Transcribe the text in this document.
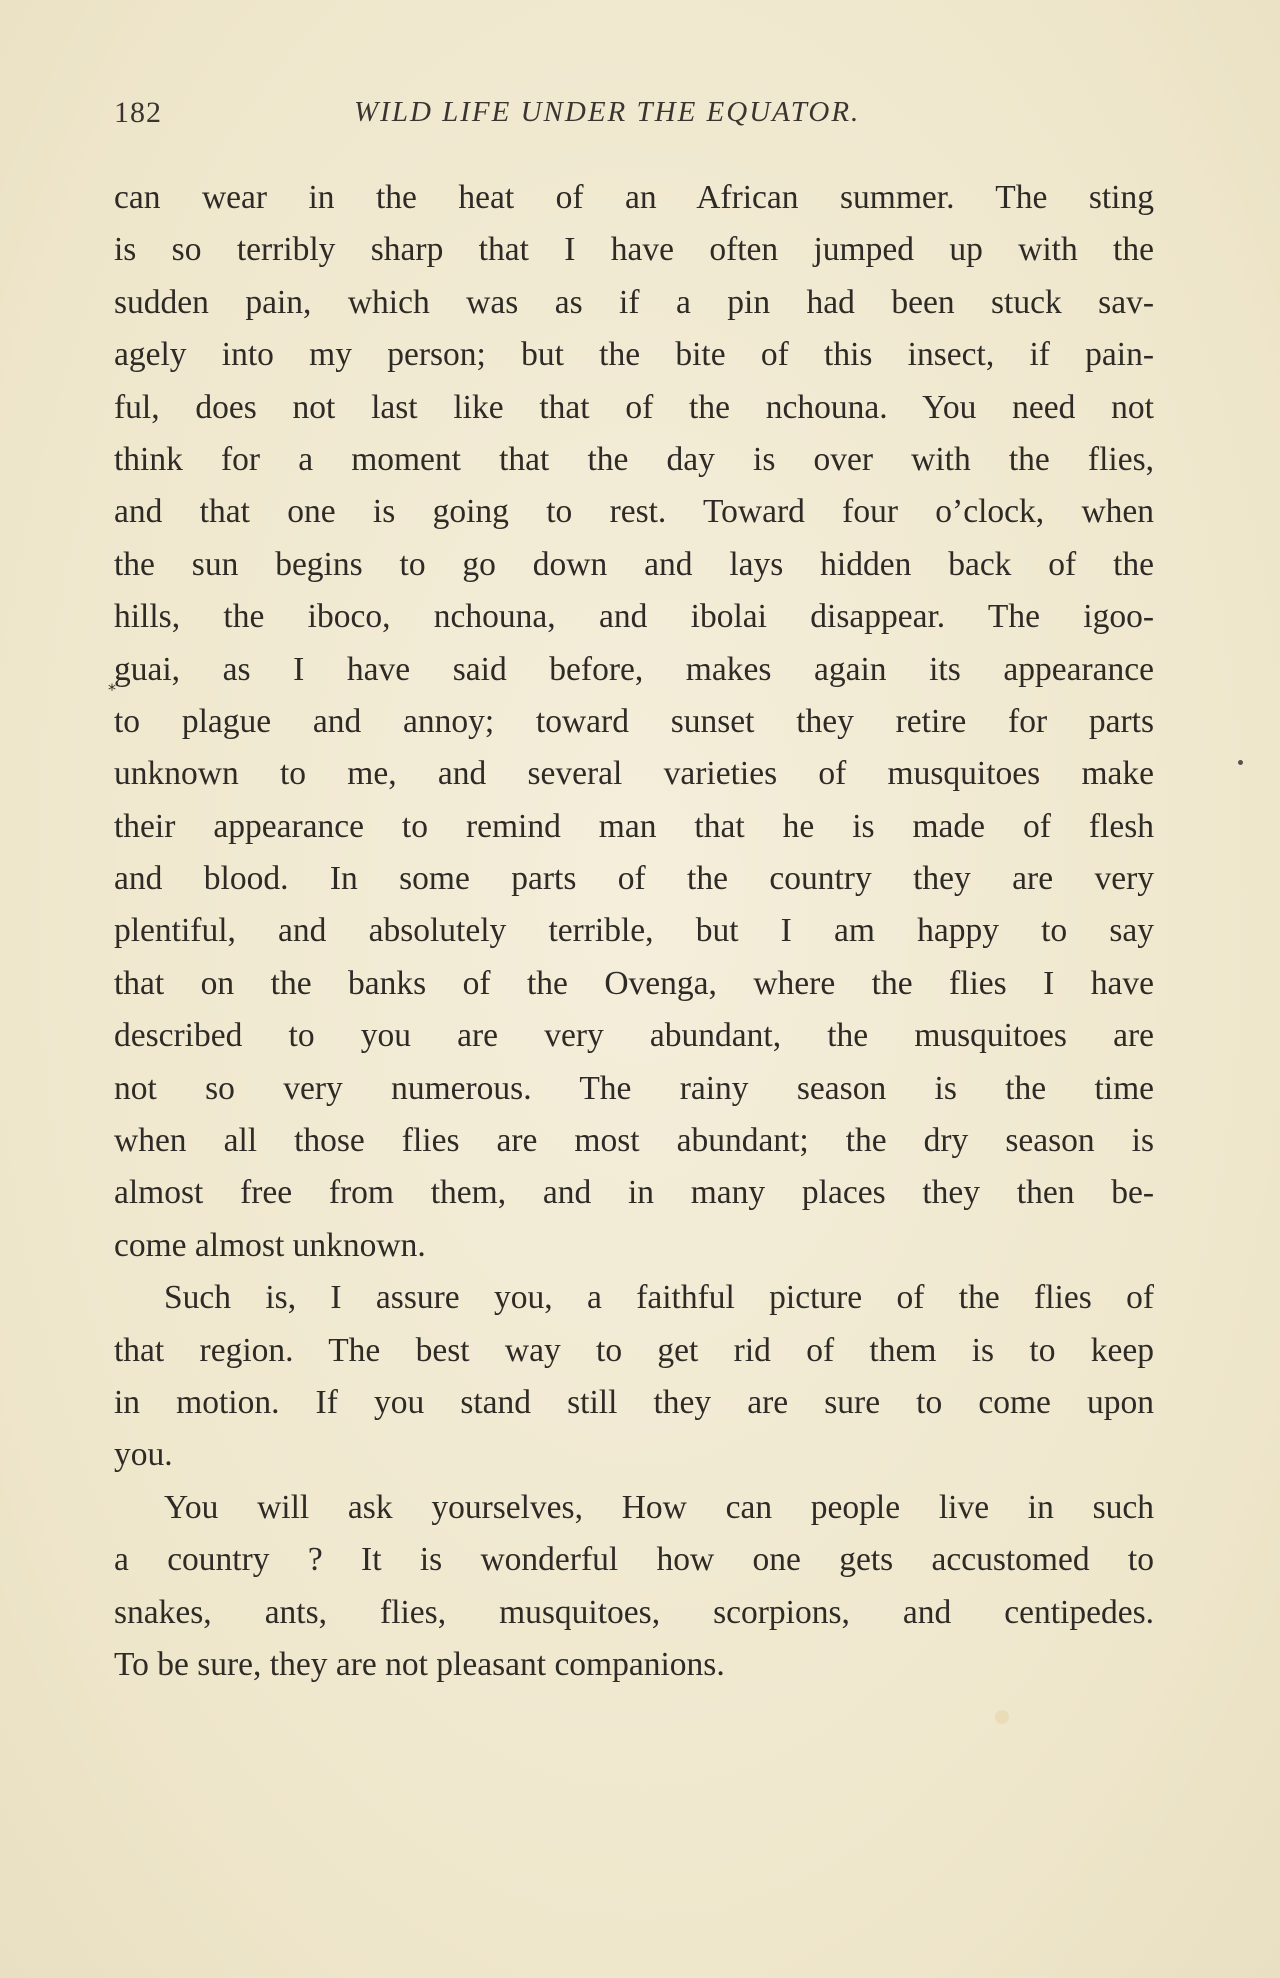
182	WILD LIFE UNDER THE EQUATOR.
can wear in the heat of an African summer. The sting
is so terribly sharp that I have often jumped up with the
sudden pain, which was as if a pin had been stuck sav-
agely into my person; but the bite of this insect, if pain-
ful, does not last like that of the nchouna. You need not
think for a moment that the day is over with the flies,
and that one is going to rest. Toward four o’clock, when
the sun begins to go down and lays hidden back of the
hills, the iboco, nchouna, and ibolai disappear. The igoo-
guai, as I have said before, makes again its appearance
to plague and annoy; toward sunset they retire for parts
unknown to me, and several varieties of musquitoes make
their appearance to remind man that he is made of flesh
and blood. In some parts of the country they are very
plentiful, and absolutely terrible, but I am happy to say
that on the banks of the Ovenga, where the flies I have
described to you are very abundant, the musquitoes are
not so very numerous. The rainy season is the time
when all those flies are most abundant; the dry season is
almost free from them, and in many places they then be-
come almost unknown.
Such is, I assure you, a faithful picture of the flies of
that region. The best way to get rid of them is to keep
in motion. If you stand still they are sure to come upon
you.
You will ask yourselves, How can people live in such
a country ? It is wonderful how one gets accustomed to
snakes, ants, flies, musquitoes, scorpions, and centipedes.
To be sure, they are not pleasant companions.
*
